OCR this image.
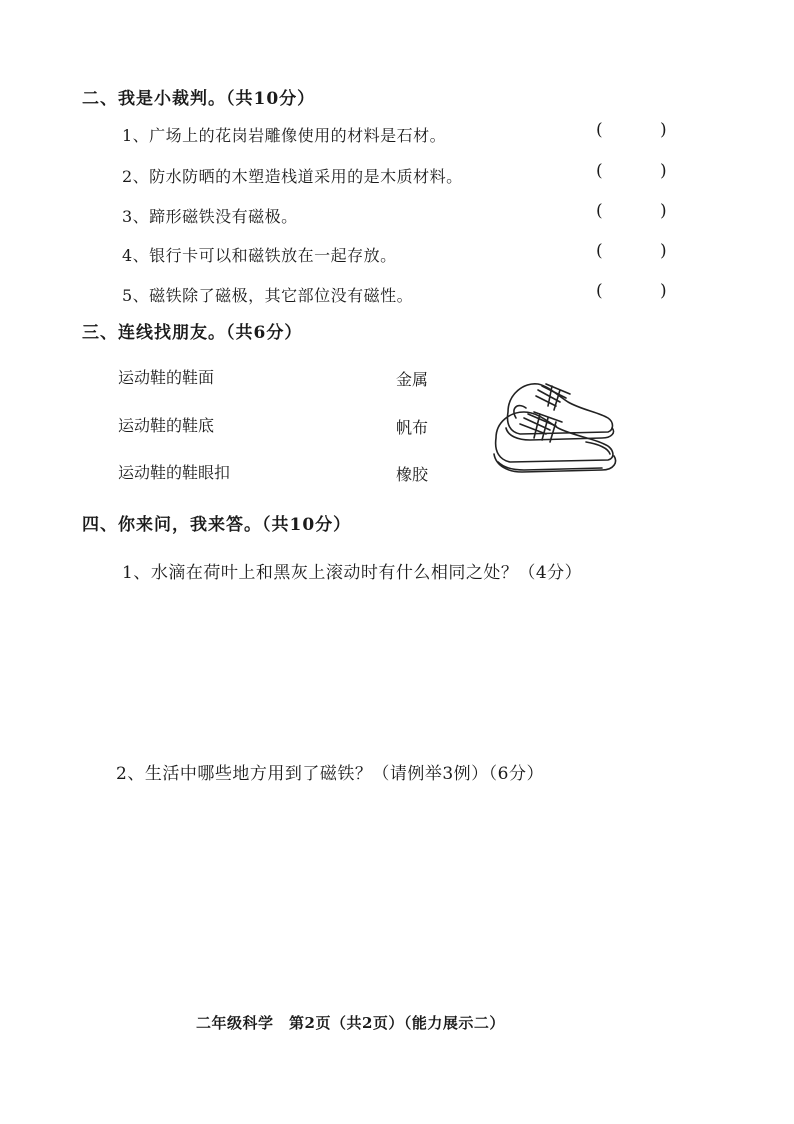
二、我是小裁判。（共10分）
1、广场上的花岗岩雕像使用的材料是石材。	(	)
2、防水防晒的木塑造栈道采用的是木质材料。	(	)
3、蹄形磁铁没有磁极。	(	)
4、银行卡可以和磁铁放在一起存放。	(	)
5、磁铁除了磁极，其它部位没有磁性。	(	)
三、连线找朋友。（共6分）
运动鞋的鞋面
运动鞋的鞋底
运动鞋的鞋眼扣
金属
帆布
橡胶
四、你来问，我来答。（共10分）
1、水滴在荷叶上和黑灰上滚动时有什么相同之处？（4分）
2、生活中哪些地方用到了磁铁？（请例举3例）（6分）
二年级科学　第2页（共2页）（能力展示二）
